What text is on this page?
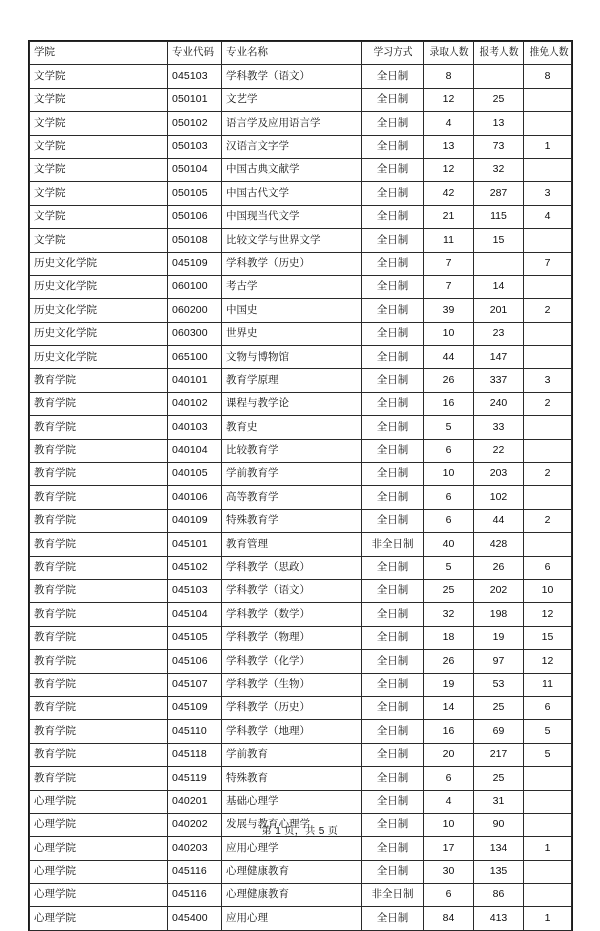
学院	专业代码	专业名称	学习方式	录取人数	报考人数	推免人数
文学院	045103	学科教学（语文）	全日制	8		8
文学院	050101	文艺学	全日制	12	25	
文学院	050102	语言学及应用语言学	全日制	4	13	
文学院	050103	汉语言文字学	全日制	13	73	1
文学院	050104	中国古典文献学	全日制	12	32	
文学院	050105	中国古代文学	全日制	42	287	3
文学院	050106	中国现当代文学	全日制	21	115	4
文学院	050108	比较文学与世界文学	全日制	11	15	
历史文化学院	045109	学科教学（历史）	全日制	7		7
历史文化学院	060100	考古学	全日制	7	14	
历史文化学院	060200	中国史	全日制	39	201	2
历史文化学院	060300	世界史	全日制	10	23	
历史文化学院	065100	文物与博物馆	全日制	44	147	
教育学院	040101	教育学原理	全日制	26	337	3
教育学院	040102	课程与教学论	全日制	16	240	2
教育学院	040103	教育史	全日制	5	33	
教育学院	040104	比较教育学	全日制	6	22	
教育学院	040105	学前教育学	全日制	10	203	2
教育学院	040106	高等教育学	全日制	6	102	
教育学院	040109	特殊教育学	全日制	6	44	2
教育学院	045101	教育管理	非全日制	40	428	
教育学院	045102	学科教学（思政）	全日制	5	26	6
教育学院	045103	学科教学（语文）	全日制	25	202	10
教育学院	045104	学科教学（数学）	全日制	32	198	12
教育学院	045105	学科教学（物理）	全日制	18	19	15
教育学院	045106	学科教学（化学）	全日制	26	97	12
教育学院	045107	学科教学（生物）	全日制	19	53	11
教育学院	045109	学科教学（历史）	全日制	14	25	6
教育学院	045110	学科教学（地理）	全日制	16	69	5
教育学院	045118	学前教育	全日制	20	217	5
教育学院	045119	特殊教育	全日制	6	25	
心理学院	040201	基础心理学	全日制	4	31	
心理学院	040202	发展与教育心理学	全日制	10	90	
心理学院	040203	应用心理学	全日制	17	134	1
心理学院	045116	心理健康教育	全日制	30	135	
心理学院	045116	心理健康教育	非全日制	6	86	
心理学院	045400	应用心理	全日制	84	413	1
第 1 页，共 5 页
